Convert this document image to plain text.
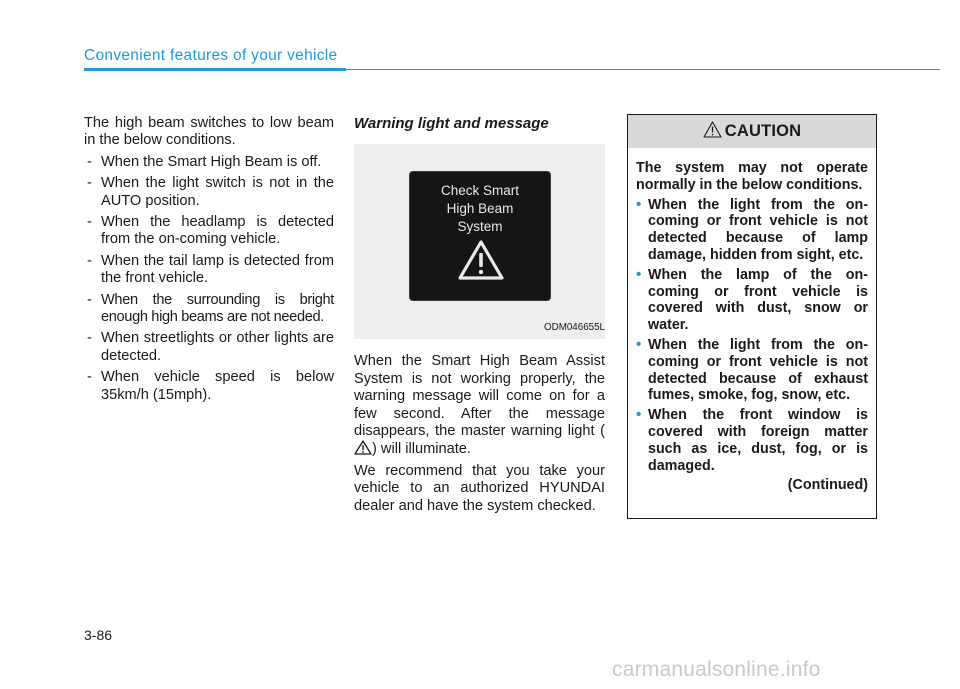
Convenient features of your vehicle

The high beam switches to low beam in the below conditions.

- When the Smart High Beam is off.
- When the light switch is not in the AUTO position.
- When the headlamp is detected from the on-coming vehicle.
- When the tail lamp is detected from the front vehicle.
- When the surrounding is bright enough high beams are not needed.
- When streetlights or other lights are detected.
- When vehicle speed is below 35km/h (15mph).
Warning light and message
Check Smart
High Beam
System
ODM046655L

When the Smart High Beam Assist System is not working properly, the warning message will come on for a few second. After the message disappears, the master warning light () will illuminate.

We recommend that you take your vehicle to an authorized HYUNDAI dealer and have the system checked.

CAUTION

The system may not operate normally in the below conditions.

• When the light from the on-coming or front vehicle is not detected because of lamp damage, hidden from sight, etc.
• When the lamp of the on-coming or front vehicle is covered with dust, snow or water.
• When the light from the on-coming or front vehicle is not detected because of exhaust fumes, smoke, fog, snow, etc.
• When the front window is covered with foreign matter such as ice, dust, fog, or is damaged.
(Continued)
3-86
carmanualsonline.info
